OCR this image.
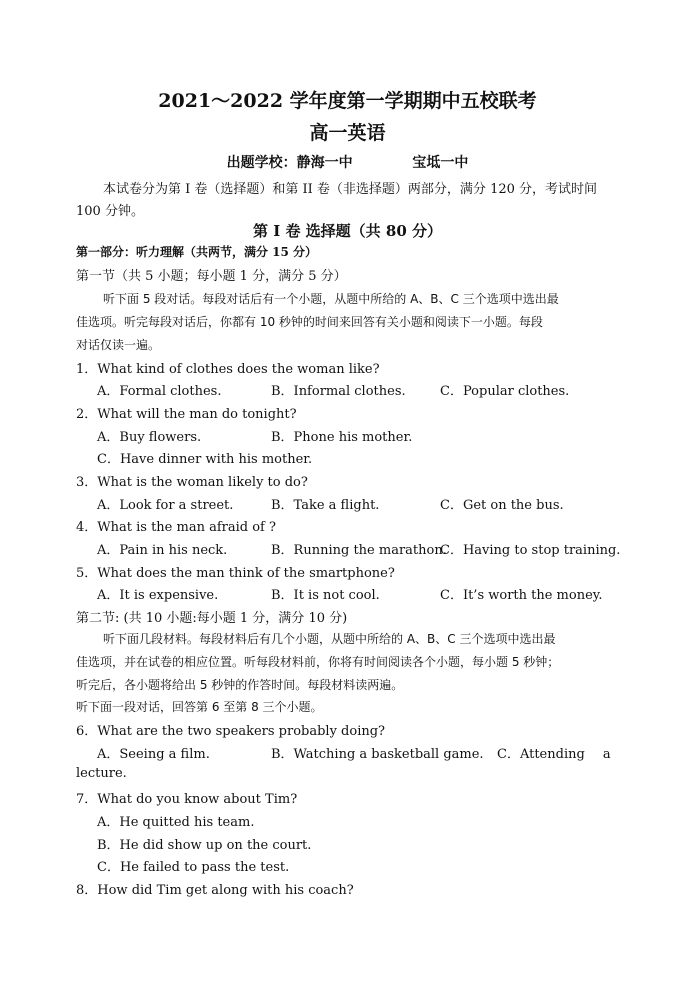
2021～2022 学年度第一学期期中五校联考
高一英语
出题学校：静海一中	宝坻一中
本试卷分为第 I 卷（选择题）和第 II 卷（非选择题）两部分，满分 120 分，考试时间
100 分钟。
第 I 卷 选择题（共 80 分）
第一部分：听力理解（共两节，满分 15 分）
第一节（共 5 小题；每小题 1 分，满分 5 分）
听下面 5 段对话。每段对话后有一个小题，从题中所给的 A、B、C 三个选项中选出最
佳选项。听完每段对话后，你都有 10 秒钟的时间来回答有关小题和阅读下一小题。每段
对话仅读一遍。
1．What kind of clothes does the woman like?
A．Formal clothes.	B．Informal clothes.	C．Popular clothes.
2．What will the man do tonight?
A．Buy flowers.	B．Phone his mother.
C．Have dinner with his mother.
3．What is the woman likely to do?
A．Look for a street.	B．Take a flight.	C．Get on the bus.
4．What is the man afraid of ?
A．Pain in his neck.	B．Running the marathon.
C．Having to stop training.
5．What does the man think of the smartphone?
A．It is expensive.	B．It is not cool.	C．It’s worth the money.
第二节: (共 10 小题:每小题 1 分，满分 10 分)
听下面几段材料。每段材料后有几个小题，从题中所给的 A、B、C 三个选项中选出最
佳选项，并在试卷的相应位置。听每段材料前，你将有时间阅读各个小题，每小题 5 秒钟；
听完后，各小题将给出 5 秒钟的作答时间。每段材料读两遍。
听下面一段对话，回答第 6 至第 8 三个小题。
6．What are the two speakers probably doing?
A．Seeing a film.	B．Watching a basketball game. C．Attending a
lecture.
7．What do you know about Tim?
A．He quitted his team.
B．He did show up on the court.
C．He failed to pass the test.
8．How did Tim get along with his coach?
